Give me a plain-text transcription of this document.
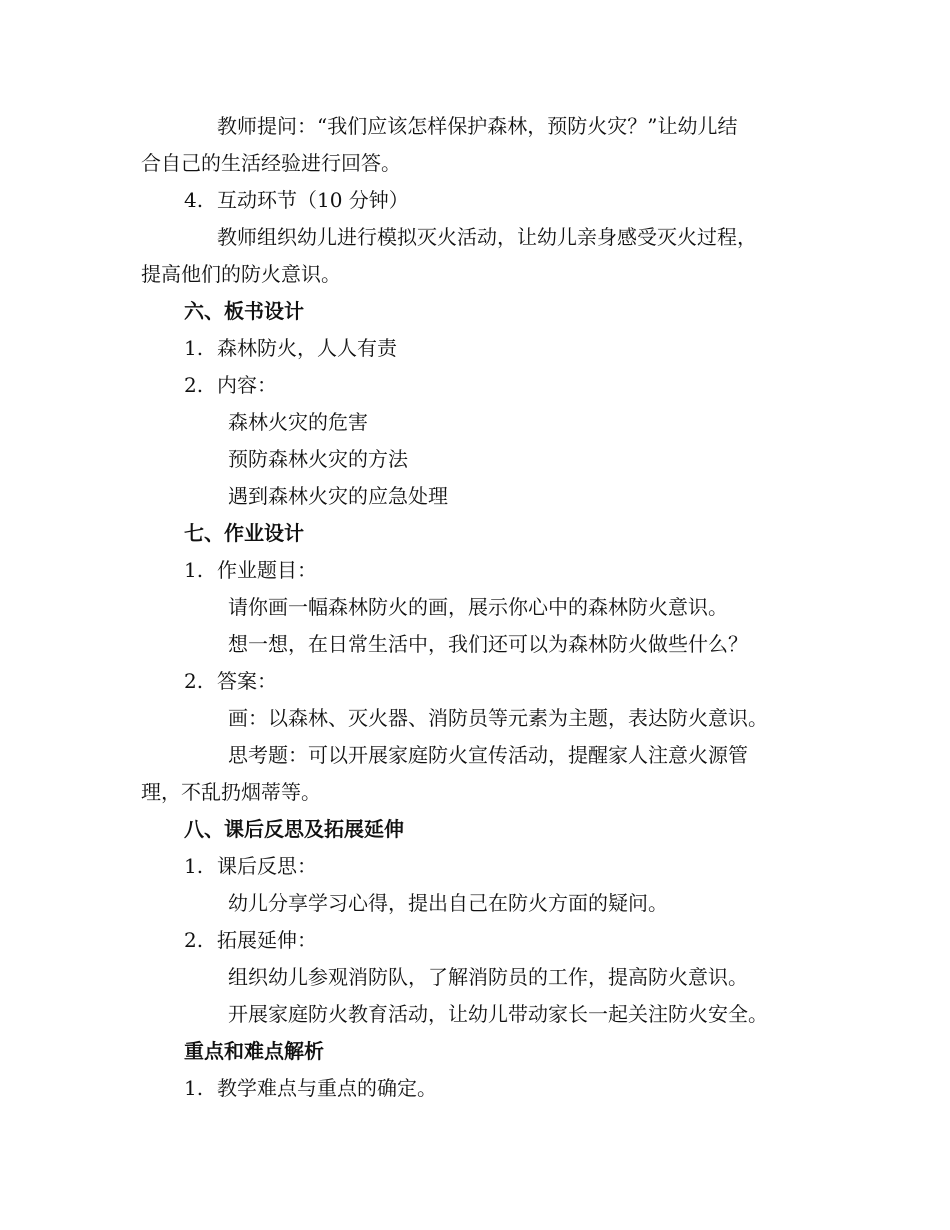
教师提问：“我们应该怎样保护森林，预防火灾？”让幼儿结
合自己的生活经验进行回答。
4. 互动环节（10 分钟）
教师组织幼儿进行模拟灭火活动，让幼儿亲身感受灭火过程，
提高他们的防火意识。
六、板书设计
1. 森林防火，人人有责
2. 内容：
森林火灾的危害
预防森林火灾的方法
遇到森林火灾的应急处理
七、作业设计
1. 作业题目：
请你画一幅森林防火的画，展示你心中的森林防火意识。
想一想，在日常生活中，我们还可以为森林防火做些什么？
2. 答案：
画：以森林、灭火器、消防员等元素为主题，表达防火意识。
思考题：可以开展家庭防火宣传活动，提醒家人注意火源管
理，不乱扔烟蒂等。
八、课后反思及拓展延伸
1. 课后反思：
幼儿分享学习心得，提出自己在防火方面的疑问。
2. 拓展延伸：
组织幼儿参观消防队，了解消防员的工作，提高防火意识。
开展家庭防火教育活动，让幼儿带动家长一起关注防火安全。
重点和难点解析
1. 教学难点与重点的确定。
